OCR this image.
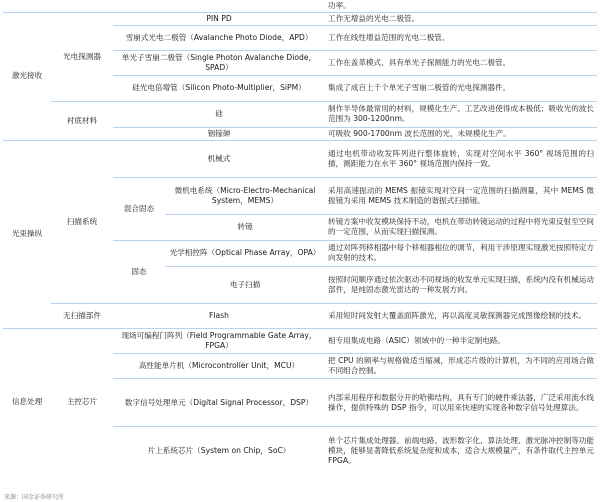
				功率。
激光接收	光电探测器	PIN PD		工作无增益的光电二极管。
		雪崩式光电二极管（Avalanche Photo Diode，APD）		工作在线性增益范围的光电二极管。
		单光子雪崩二极管（Single Photon Avalanche Diode，SPAD）		工作在盖革模式、具有单光子探测能力的光电二极管。
		硅光电倍增管（Silicon Photo-Multiplier，SiPM）		集成了成百上千个单光子雪崩二极管的光电探测器件。

	衬底材料	硅		制作半导体最常用的材料，规模化生产、工艺改进使得成本极低；吸收光的波长范围为 300-1200nm。
		铟镓砷		可吸收 900-1700nm 波长范围的光，未规模化生产。
光束操纵	扫描系统	机械式		通过电机带动收发阵列进行整体旋转，实现对空间水平 360° 视场范围的扫描，测距能力在水平 360° 视场范围内保持一致。
		混合固态	微机电系统（Micro-Electro-Mechanical System，MEMS）	采用高速振动的 MEMS 振镜实现对空间一定范围的扫描测量，其中 MEMS 微振镜为采用 MEMS 技术制造的谐振式扫描镜。
			转镜	转镜方案中收发模块保持不动，电机在带动转镜运动的过程中将光束反射至空间的一定范围，从而实现扫描探测。
		固态	光学相控阵（Optical Phase Array，OPA）	通过对阵列移相器中每个移相器相位的调节，利用干涉原理实现激光按照特定方向发射的技术。
			电子扫描	按照时间顺序通过依次驱动不同视场的收发单元实现扫描，系统内没有机械运动部件，是纯固态激光雷达的一种发展方向。

	无扫描部件	Flash		采用短时间发射大覆盖面阵激光，再以高度灵敏探测器完成图像绘制的技术。
信息处理	主控芯片	现场可编程门阵列（Field Programmable Gate Array，FPGA）		相专用集成电路（ASIC）领域中的一种半定制电路。
		高性能单片机（Microcontroller Unit，MCU）		把 CPU 的频率与规格做适当缩减，形成芯片级的计算机，为不同的应用场合做不同组合控制。
		数字信号处理单元（Digital Signal Processor，DSP）		内部采用程序和数据分开的哈佛结构，具有专门的硬件乘法器，广泛采用流水线操作，提供特殊的 DSP 指令，可以用来快速的实现各种数字信号处理算法。
		片上系统芯片（System on Chip，SoC）		单个芯片集成处理器、前端电路、波形数字化、算法处理、激光脉冲控制等功能模块，能够显著降低系统复杂度和成本，适合大规模量产，有条件取代主控单元 FPGA。
来源：国金证券研究所
